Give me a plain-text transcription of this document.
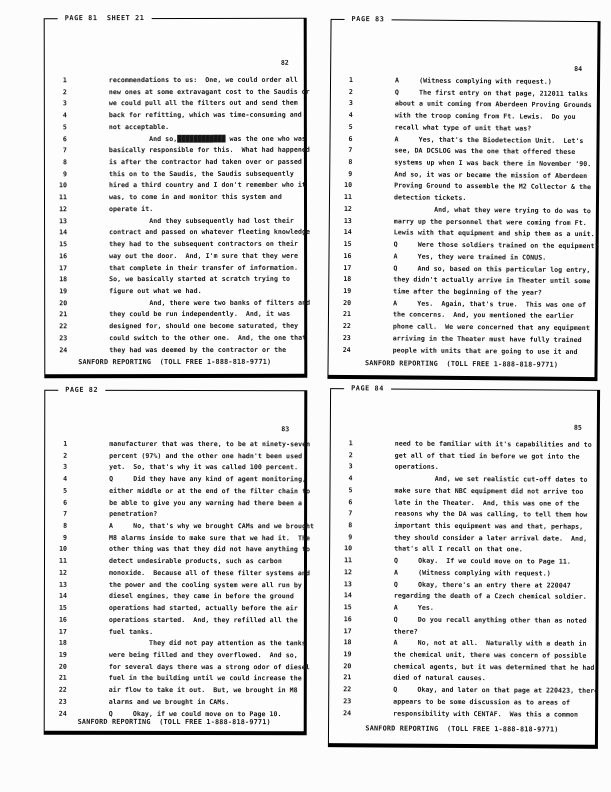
PAGE 81  SHEET 21
82
1	recommendations to us:  One, we could order all
2	new ones at some extravagant cost to the Saudis or
3	we could pull all the filters out and send them
4	back for refitting, which was time-consuming and
5	not acceptable.
6	And so,████████████ was the one who was
7	basically responsible for this.  What had happened
8	is after the contractor had taken over or passed
9	this on to the Saudis, the Saudis subsequently
10	hired a third country and I don't remember who it
11	was, to come in and monitor this system and
12	operate it.
13	And they subsequently had lost their
14	contract and passed on whatever fleeting knowledge
15	they had to the subsequent contractors on their
16	way out the door.  And, I'm sure that they were
17	that complete in their transfer of information.
18	So, we basically started at scratch trying to
19	figure out what we had.
20	And, there were two banks of filters and
21	they could be run independently.  And, it was
22	designed for, should one become saturated, they
23	could switch to the other one.  And, the one that
24	they had was deemed by the contractor or the
SANFORD REPORTING  (TOLL FREE 1-888-818-9771)
PAGE 83
84
1	A     (Witness complying with request.)
2	Q     The first entry on that page, 212011 talks
3	about a unit coming from Aberdeen Proving Grounds
4	with the troop coming from Ft. Lewis.  Do you
5	recall what type of unit that was?
6	A     Yes, that's the Biodetection Unit.  Let's
7	see, DA DCSLOG was the one that offered these
8	systems up when I was back there in November '90.
9	And so, it was or became the mission of Aberdeen
10	Proving Ground to assemble the M2 Collector & the
11	detection tickets.
12	And, what they were trying to do was to
13	marry up the personnel that were coming from Ft.
14	Lewis with that equipment and ship them as a unit.
15	Q     Were those soldiers trained on the equipment?
16	A     Yes, they were trained in CONUS.
17	Q     And so, based on this particular log entry,
18	they didn't actually arrive in Theater until some
19	time after the beginning of the year?
20	A     Yes.  Again, that's true.  This was one of
21	the concerns.  And, you mentioned the earlier
22	phone call.  We were concerned that any equipment
23	arriving in the Theater must have fully trained
24	people with units that are going to use it and
SANFORD REPORTING  (TOLL FREE 1-888-818-9771)
PAGE 82
83
1	manufacturer that was there, to be at ninety-seven
2	percent (97%) and the other one hadn't been used
3	yet.  So, that's why it was called 100 percent.
4	Q     Did they have any kind of agent monitoring,
5	either middle or at the end of the filter chain to
6	be able to give you any warning had there been a
7	penetration?
8	A     No, that's why we brought CAMs and we brought
9	M8 alarms inside to make sure that we had it.  The
10	other thing was that they did not have anything to
11	detect undesirable products, such as carbon
12	monoxide.  Because all of these filter systems and
13	the power and the cooling system were all run by
14	diesel engines, they came in before the ground
15	operations had started, actually before the air
16	operations started.  And, they refilled all the
17	fuel tanks.
18	They did not pay attention as the tanks
19	were being filled and they overflowed.  And so,
20	for several days there was a strong odor of diesel
21	fuel in the building until we could increase the
22	air flow to take it out.  But, we brought in M8
23	alarms and we brought in CAMs.
24	Q     Okay, if we could move on to Page 10.
SANFORD REPORTING  (TOLL FREE 1-888-818-9771)
PAGE 84
85
1	need to be familiar with it's capabilities and to
2	get all of that tied in before we got into the
3	operations.
4	And, we set realistic cut-off dates to
5	make sure that NBC equipment did not arrive too
6	late in the Theater.  And, this was one of the
7	reasons why the DA was calling, to tell them how
8	important this equipment was and that, perhaps,
9	they should consider a later arrival date.  And,
10	that's all I recall on that one.
11	Q     Okay.  If we could move on to Page 11.
12	A     (Witness complying with request.)
13	Q     Okay, there's an entry there at 220047
14	regarding the death of a Czech chemical soldier.
15	A     Yes.
16	Q     Do you recall anything other than as noted
17	there?
18	A     No, not at all.  Naturally with a death in
19	the chemical unit, there was concern of possible
20	chemical agents, but it was determined that he had
21	died of natural causes.
22	Q     Okay, and later on that page at 220423, there
23	appears to be some discussion as to areas of
24	responsibility with CENTAF.  Was this a common
SANFORD REPORTING  (TOLL FREE 1-888-818-9771)
